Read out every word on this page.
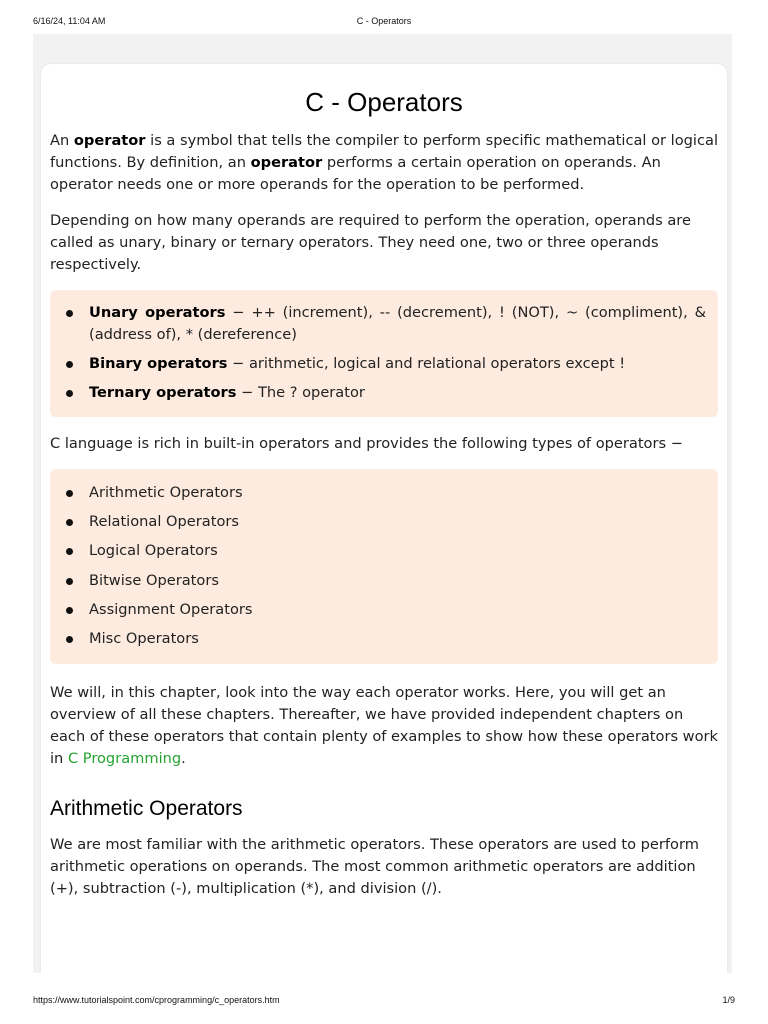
6/16/24, 11:04 AM	C - Operators
C - Operators

An operator is a symbol that tells the compiler to perform specific mathematical or logical functions. By definition, an operator performs a certain operation on operands. An operator needs one or more operands for the operation to be performed.

Depending on how many operands are required to perform the operation, operands are called as unary, binary or ternary operators. They need one, two or three operands respectively.

Unary operators − ++ (increment), -- (decrement), ! (NOT), ~ (compliment), & (address of), * (dereference)
Binary operators − arithmetic, logical and relational operators except !
Ternary operators − The ? operator

C language is rich in built-in operators and provides the following types of operators −

Arithmetic Operators
Relational Operators
Logical Operators
Bitwise Operators
Assignment Operators
Misc Operators

We will, in this chapter, look into the way each operator works. Here, you will get an overview of all these chapters. Thereafter, we have provided independent chapters on each of these operators that contain plenty of examples to show how these operators work in C Programming.

Arithmetic Operators

We are most familiar with the arithmetic operators. These operators are used to perform arithmetic operations on operands. The most common arithmetic operators are addition (+), subtraction (-), multiplication (*), and division (/).

https://www.tutorialspoint.com/cprogramming/c_operators.htm	1/9
